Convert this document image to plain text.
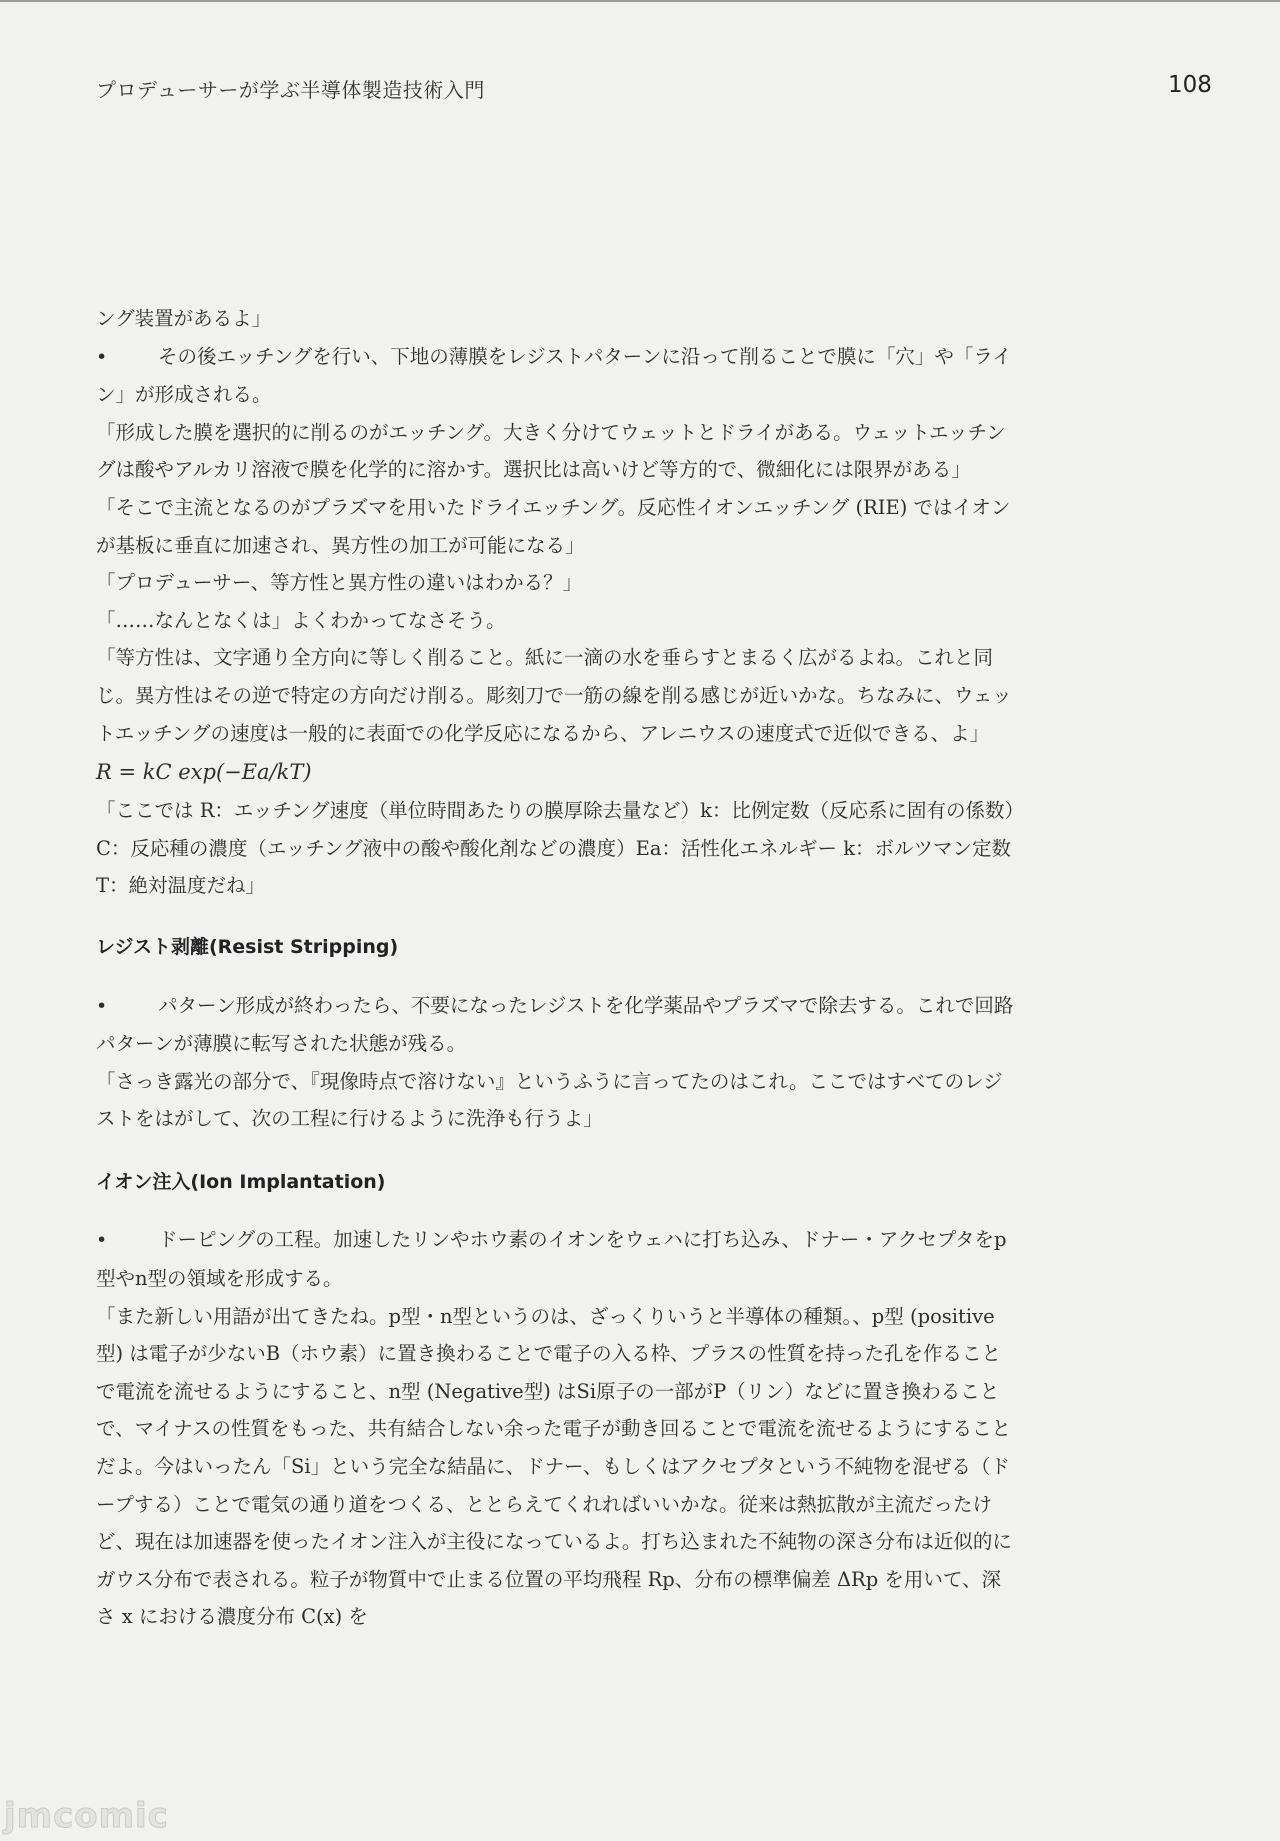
プロデューサーが学ぶ半導体製造技術入門	108

ング装置があるよ」

•	その後エッチングを行い、下地の薄膜をレジストパターンに沿って削ることで膜に「穴」や「ライン」が形成される。

「形成した膜を選択的に削るのがエッチング。大きく分けてウェットとドライがある。ウェットエッチングは酸やアルカリ溶液で膜を化学的に溶かす。選択比は高いけど等方的で、微細化には限界がある」

「そこで主流となるのがプラズマを用いたドライエッチング。反応性イオンエッチング (RIE) ではイオンが基板に垂直に加速され、異方性の加工が可能になる」

「プロデューサー、等方性と異方性の違いはわかる？」

「……なんとなくは」よくわかってなさそう。

「等方性は、文字通り全方向に等しく削ること。紙に一滴の水を垂らすとまるく広がるよね。これと同じ。異方性はその逆で特定の方向だけ削る。彫刻刀で一筋の線を削る感じが近いかな。ちなみに、ウェットエッチングの速度は一般的に表面での化学反応になるから、アレニウスの速度式で近似できる、よ」

R = kC exp(−Ea/kT)

「ここでは R：エッチング速度（単位時間あたりの膜厚除去量など）k：比例定数（反応系に固有の係数）C：反応種の濃度（エッチング液中の酸や酸化剤などの濃度）Ea：活性化エネルギー k：ボルツマン定数 T：絶対温度だね」

レジスト剥離(Resist Stripping)

•	パターン形成が終わったら、不要になったレジストを化学薬品やプラズマで除去する。これで回路パターンが薄膜に転写された状態が残る。

「さっき露光の部分で、『現像時点で溶けない』というふうに言ってたのはこれ。ここではすべてのレジストをはがして、次の工程に行けるように洗浄も行うよ」

イオン注入(Ion Implantation)

•	ドーピングの工程。加速したリンやホウ素のイオンをウェハに打ち込み、ドナー・アクセプタをp型やn型の領域を形成する。

「また新しい用語が出てきたね。p型・n型というのは、ざっくりいうと半導体の種類。、p型 (positive型) は電子が少ないB（ホウ素）に置き換わることで電子の入る枠、プラスの性質を持った孔を作ることで電流を流せるようにすること、n型 (Negative型) はSi原子の一部がP（リン）などに置き換わることで、マイナスの性質をもった、共有結合しない余った電子が動き回ることで電流を流せるようにすることだよ。今はいったん「Si」という完全な結晶に、ドナー、もしくはアクセプタという不純物を混ぜる（ドープする）ことで電気の通り道をつくる、ととらえてくれればいいかな。従来は熱拡散が主流だったけど、現在は加速器を使ったイオン注入が主役になっているよ。打ち込まれた不純物の深さ分布は近似的にガウス分布で表される。粒子が物質中で止まる位置の平均飛程 Rp、分布の標準偏差 ΔRp を用いて、深さ x における濃度分布 C(x) を

jmcomic
